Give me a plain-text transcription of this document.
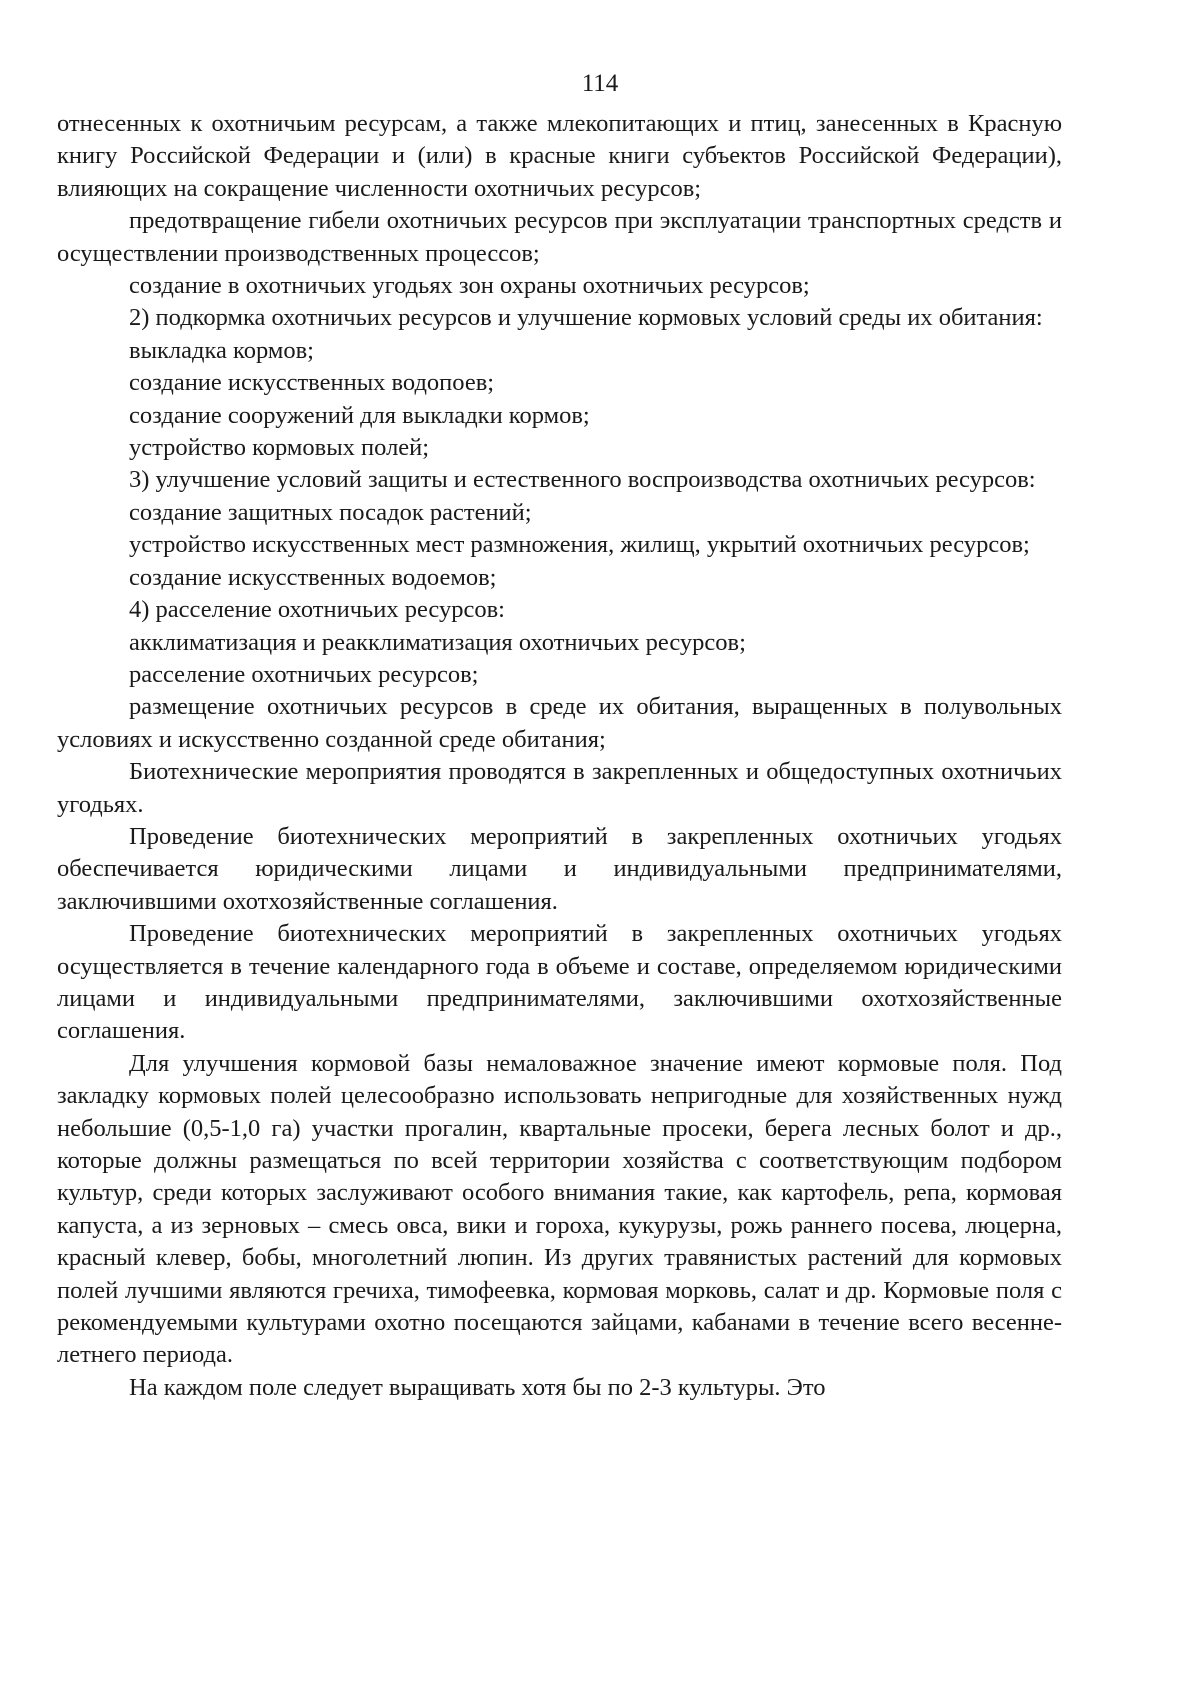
114

отнесенных к охотничьим ресурсам, а также млекопитающих и птиц, занесенных в Красную книгу Российской Федерации и (или) в красные книги субъектов Российской Федерации), влияющих на сокращение численности охотничьих ресурсов;

предотвращение гибели охотничьих ресурсов при эксплуатации транспортных средств и осуществлении производственных процессов;

создание в охотничьих угодьях зон охраны охотничьих ресурсов;

2) подкормка охотничьих ресурсов и улучшение кормовых условий среды их обитания:

выкладка кормов;

создание искусственных водопоев;

создание сооружений для выкладки кормов;

устройство кормовых полей;

3) улучшение условий защиты и естественного воспроизводства охотничьих ресурсов:

создание защитных посадок растений;

устройство искусственных мест размножения, жилищ, укрытий охотничьих ресурсов;

создание искусственных водоемов;

4) расселение охотничьих ресурсов:

акклиматизация и реакклиматизация охотничьих ресурсов;

расселение охотничьих ресурсов;

размещение охотничьих ресурсов в среде их обитания, выращенных в полувольных условиях и искусственно созданной среде обитания;

Биотехнические мероприятия проводятся в закрепленных и общедоступных охотничьих угодьях.

Проведение биотехнических мероприятий в закрепленных охотничьих угодьях обеспечивается юридическими лицами и индивидуальными предпринимателями, заключившими охотхозяйственные соглашения.

Проведение биотехнических мероприятий в закрепленных охотничьих угодьях осуществляется в течение календарного года в объеме и составе, определяемом юридическими лицами и индивидуальными предпринимателями, заключившими охотхозяйственные соглашения.

Для улучшения кормовой базы немаловажное значение имеют кормовые поля. Под закладку кормовых полей целесообразно использовать непригодные для хозяйственных нужд небольшие (0,5-1,0 га) участки прогалин, квартальные просеки, берега лесных болот и др., которые должны размещаться по всей территории хозяйства с соответствующим подбором культур, среди которых заслуживают особого внимания такие, как картофель, репа, кормовая капуста, а из зерновых – смесь овса, вики и гороха, кукурузы, рожь раннего посева, люцерна, красный клевер, бобы, многолетний люпин. Из других травянистых растений для кормовых полей лучшими являются гречиха, тимофеевка, кормовая морковь, салат и др. Кормовые поля с рекомендуемыми культурами охотно посещаются зайцами, кабанами в течение всего весенне-летнего периода.

На каждом поле следует выращивать хотя бы по 2-3 культуры. Это
